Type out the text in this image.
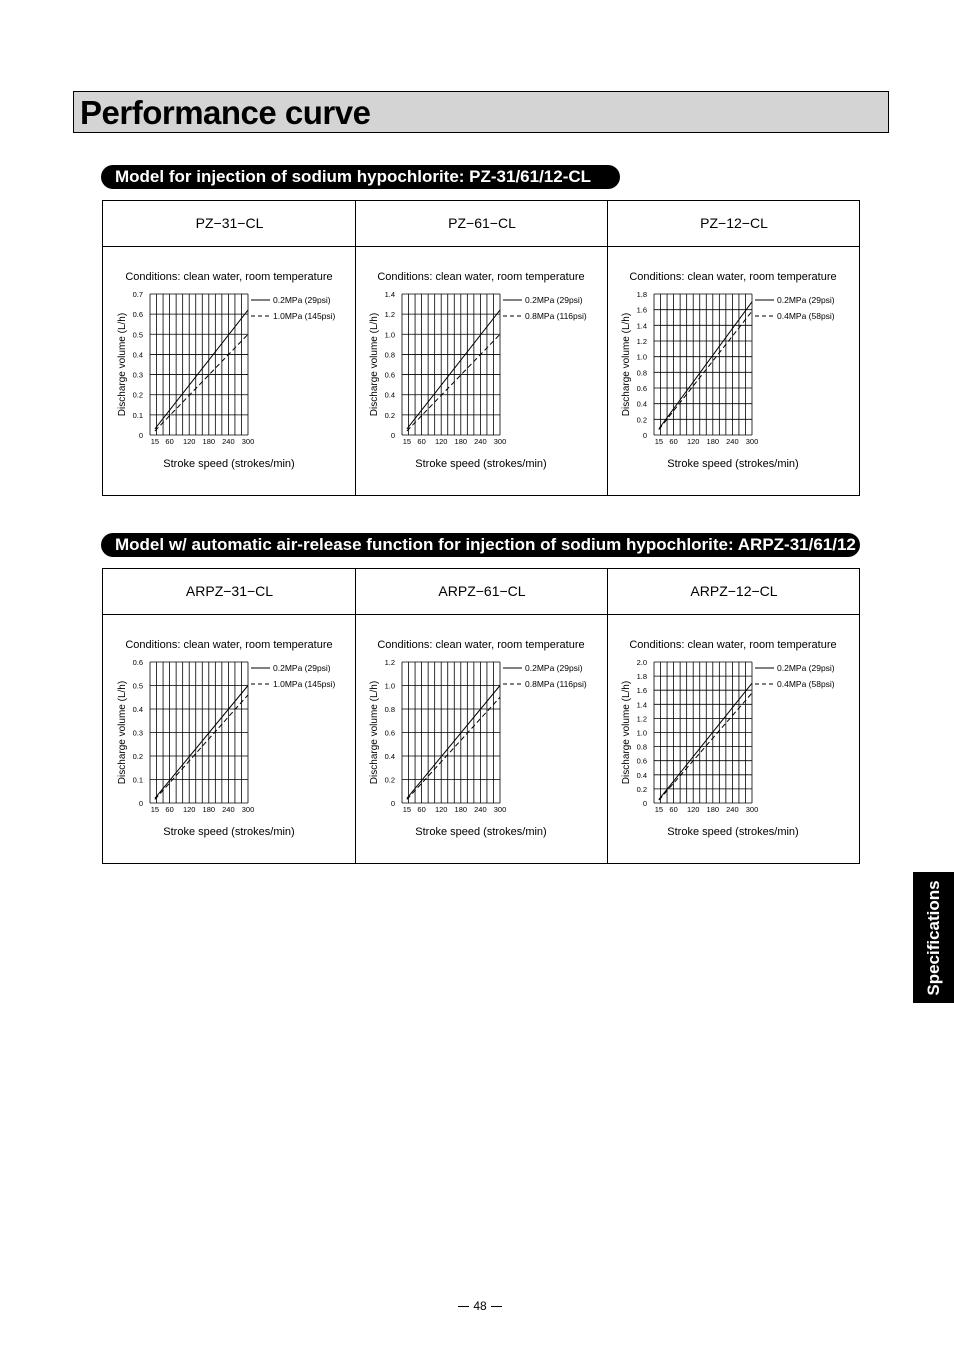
Performance curve
Model for injection of sodium hypochlorite: PZ-31/61/12-CL
PZ−31−CL	PZ−61−CL	PZ−12−CL
Conditions: clean water, room temperature
0
0.1
0.2
0.3
0.4
0.5
0.6
0.7
15 60 120 180 240 300
Stroke speed (strokes/min)
Discharge volume (L/h)
0.2MPa (29psi)
1.0MPa (145psi)
Conditions: clean water, room temperature
0
0.2
0.4
0.6
0.8
1.0
1.2
1.4
15 60 120 180 240 300
Stroke speed (strokes/min)
Discharge volume (L/h)
0.2MPa (29psi)
0.8MPa (116psi)
Conditions: clean water, room temperature
0
0.2
0.4
0.6
0.8
1.0
1.2
1.4
1.6
1.8
15 60 120 180 240 300
Stroke speed (strokes/min)
Discharge volume (L/h)
0.2MPa (29psi)
0.4MPa (58psi)
Model w/ automatic air-release function for injection of sodium hypochlorite: ARPZ-31/61/12
ARPZ−31−CL	ARPZ−61−CL	ARPZ−12−CL
Conditions: clean water, room temperature
0
0.1
0.2
0.3
0.4
0.5
0.6
15 60 120 180 240 300
Stroke speed (strokes/min)
Discharge volume (L/h)
0.2MPa (29psi)
1.0MPa (145psi)
Conditions: clean water, room temperature
0
0.2
0.4
0.6
0.8
1.0
1.2
15 60 120 180 240 300
Stroke speed (strokes/min)
Discharge volume (L/h)
0.2MPa (29psi)
0.8MPa (116psi)
Conditions: clean water, room temperature
0
0.2
0.4
0.6
0.8
1.0
1.2
1.4
1.6
1.8
2.0
15 60 120 180 240 300
Stroke speed (strokes/min)
Discharge volume (L/h)
0.2MPa (29psi)
0.4MPa (58psi)
Specifications
48
